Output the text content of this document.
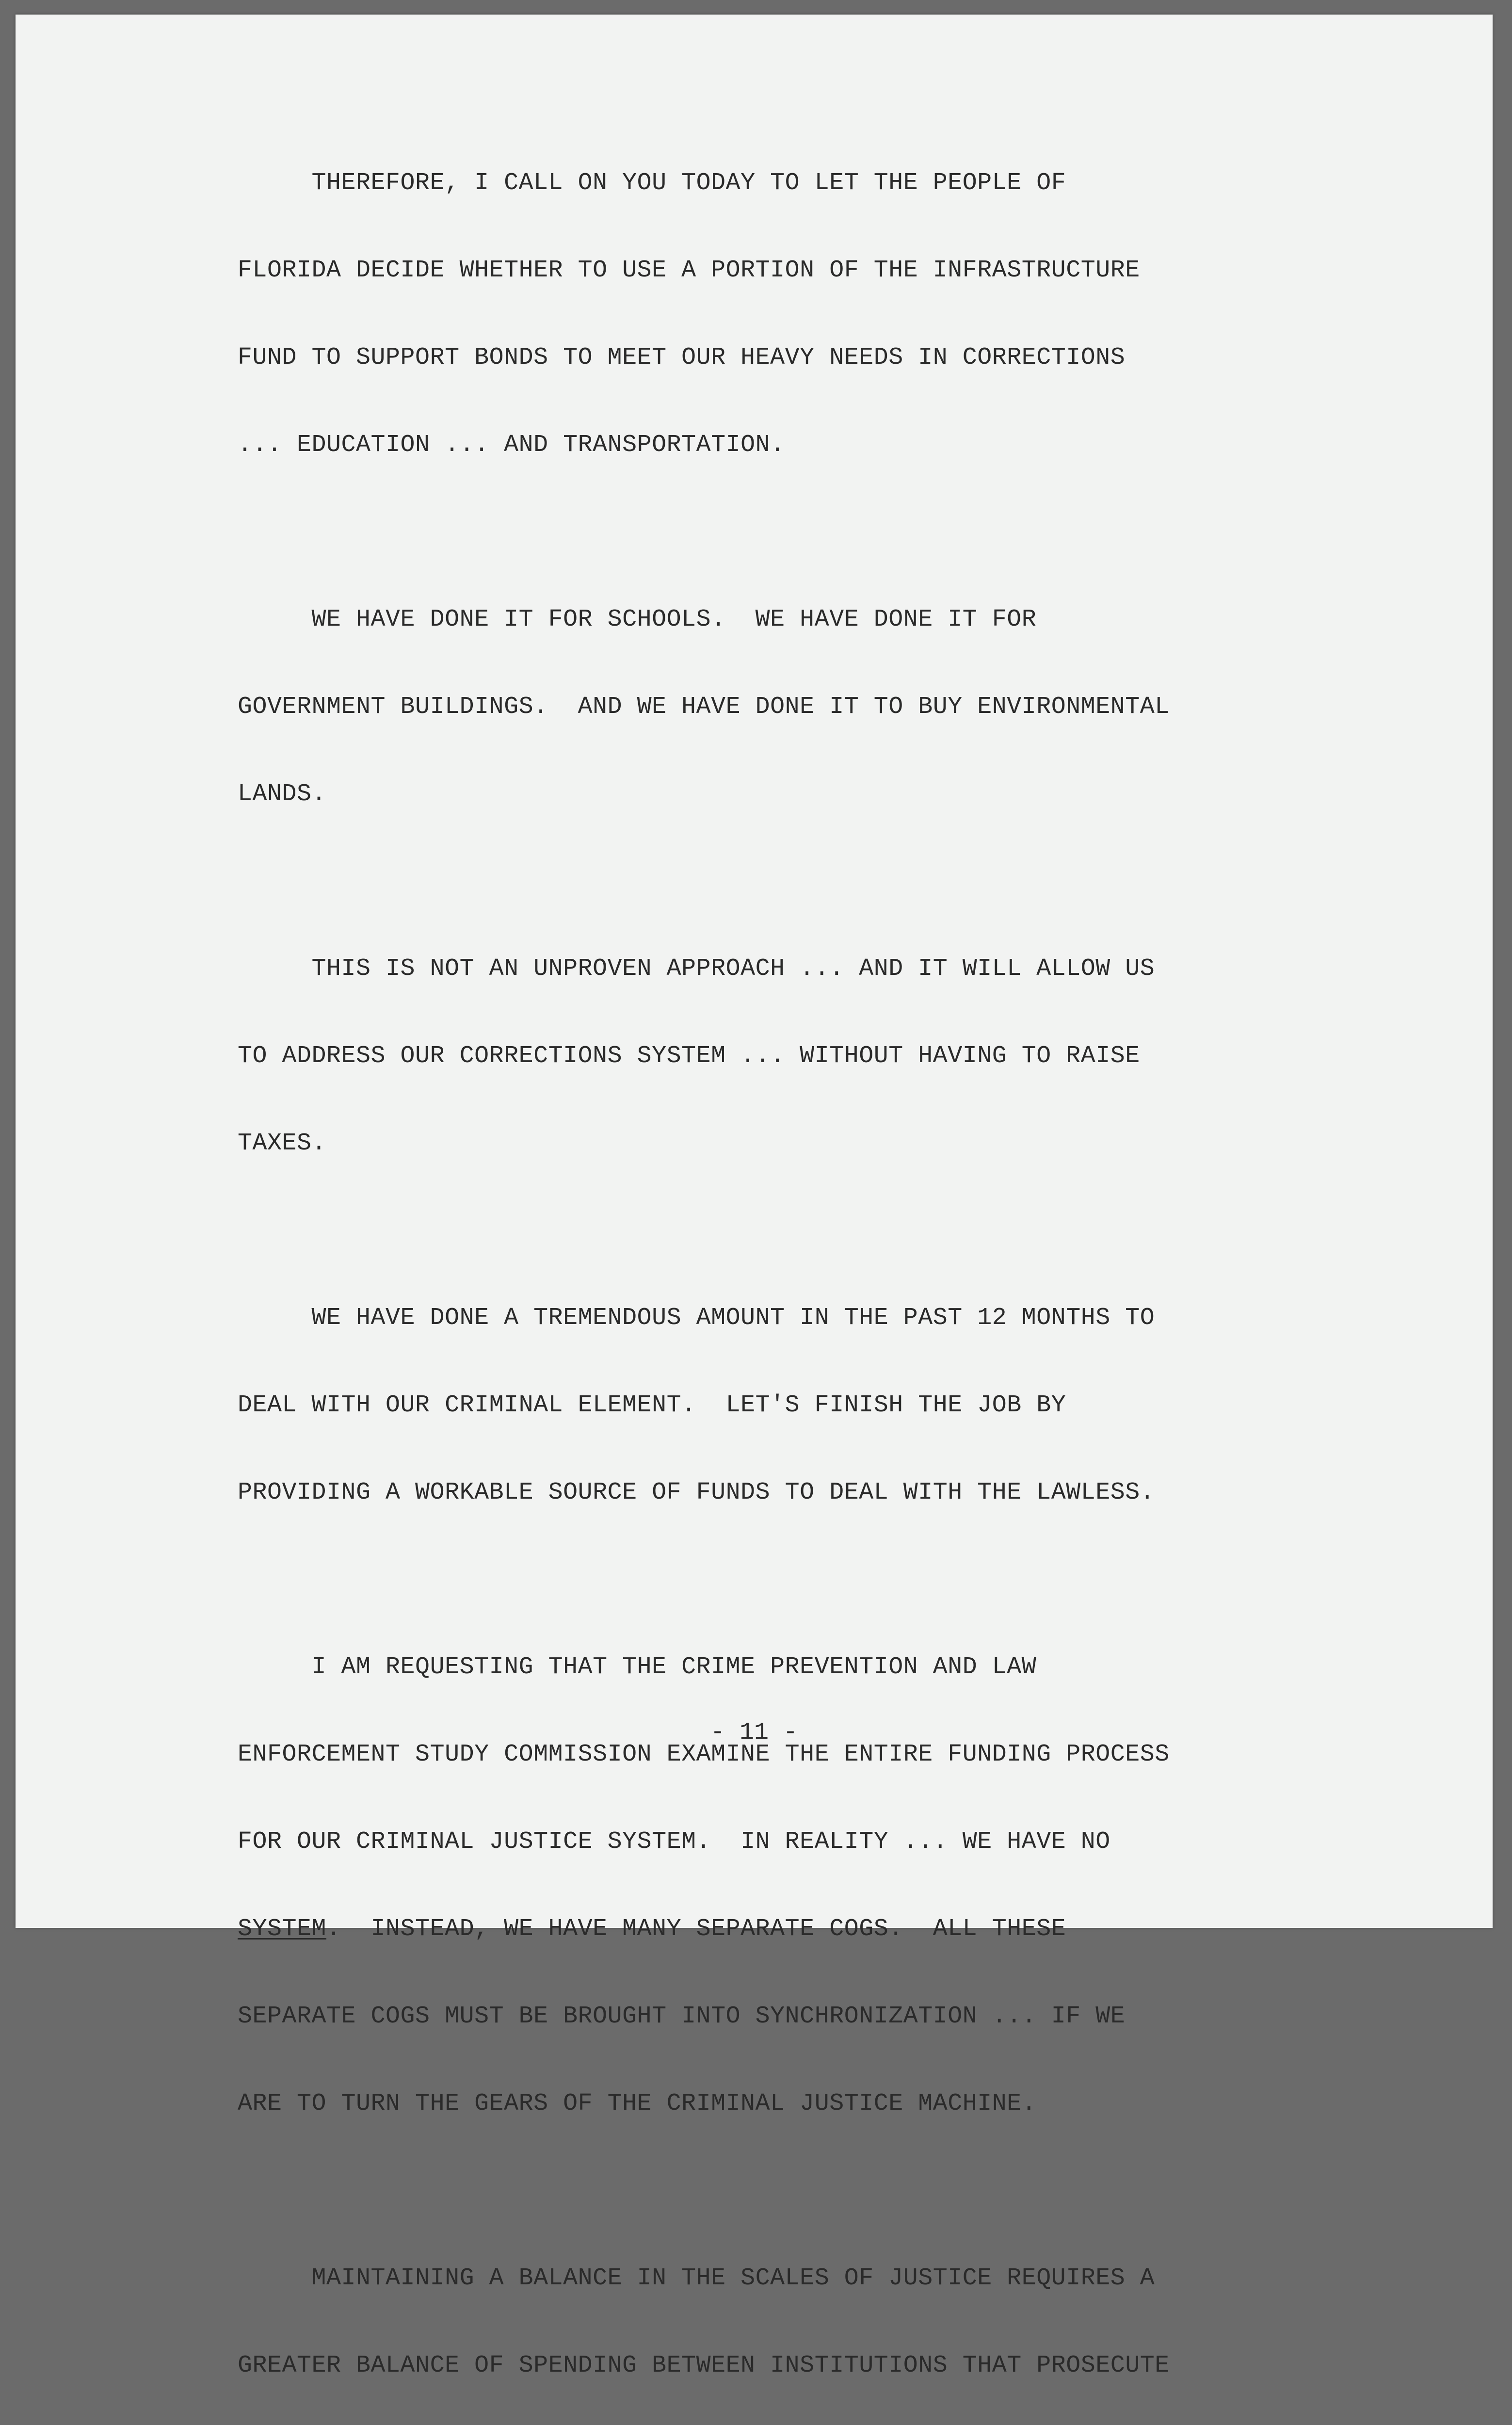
THEREFORE, I CALL ON YOU TODAY TO LET THE PEOPLE OF

FLORIDA DECIDE WHETHER TO USE A PORTION OF THE INFRASTRUCTURE

FUND TO SUPPORT BONDS TO MEET OUR HEAVY NEEDS IN CORRECTIONS

... EDUCATION ... AND TRANSPORTATION.

WE HAVE DONE IT FOR SCHOOLS.  WE HAVE DONE IT FOR

GOVERNMENT BUILDINGS.  AND WE HAVE DONE IT TO BUY ENVIRONMENTAL

LANDS.

THIS IS NOT AN UNPROVEN APPROACH ... AND IT WILL ALLOW US

TO ADDRESS OUR CORRECTIONS SYSTEM ... WITHOUT HAVING TO RAISE

TAXES.

WE HAVE DONE A TREMENDOUS AMOUNT IN THE PAST 12 MONTHS TO

DEAL WITH OUR CRIMINAL ELEMENT.  LET'S FINISH THE JOB BY

PROVIDING A WORKABLE SOURCE OF FUNDS TO DEAL WITH THE LAWLESS.

I AM REQUESTING THAT THE CRIME PREVENTION AND LAW

ENFORCEMENT STUDY COMMISSION EXAMINE THE ENTIRE FUNDING PROCESS

FOR OUR CRIMINAL JUSTICE SYSTEM.  IN REALITY ... WE HAVE NO

SYSTEM.  INSTEAD, WE HAVE MANY SEPARATE COGS.  ALL THESE

SEPARATE COGS MUST BE BROUGHT INTO SYNCHRONIZATION ... IF WE

ARE TO TURN THE GEARS OF THE CRIMINAL JUSTICE MACHINE.

MAINTAINING A BALANCE IN THE SCALES OF JUSTICE REQUIRES A

GREATER BALANCE OF SPENDING BETWEEN INSTITUTIONS THAT PROSECUTE

- 11 -
